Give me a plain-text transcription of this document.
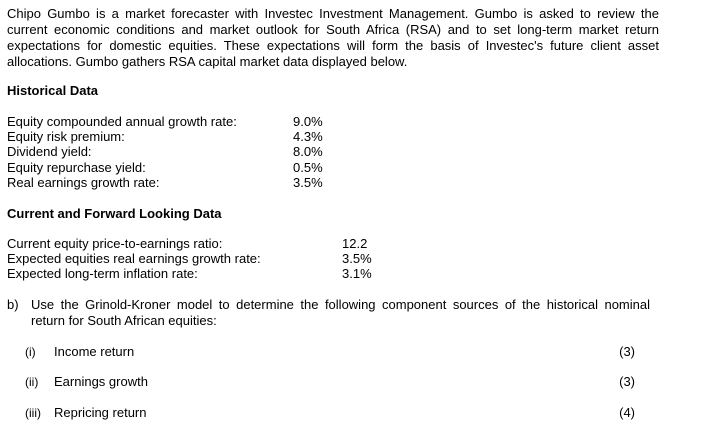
Chipo Gumbo is a market forecaster with Investec Investment Management. Gumbo is asked to review the current economic conditions and market outlook for South Africa (RSA) and to set long-term market return expectations for domestic equities. These expectations will form the basis of Investec's future client asset allocations. Gumbo gathers RSA capital market data displayed below.

Historical Data

Equity compounded annual growth rate:	9.0%
Equity risk premium:	4.3%
Dividend yield:	8.0%
Equity repurchase yield:	0.5%
Real earnings growth rate:	3.5%

Current and Forward Looking Data

Current equity price-to-earnings ratio:	12.2
Expected equities real earnings growth rate:	3.5%
Expected long-term inflation rate:	3.1%
b) Use the Grinold-Kroner model to determine the following component sources of the historical nominal return for South African equities:
(i) Income return	(3)
(ii) Earnings growth	(3)
(iii) Repricing return	(4)
